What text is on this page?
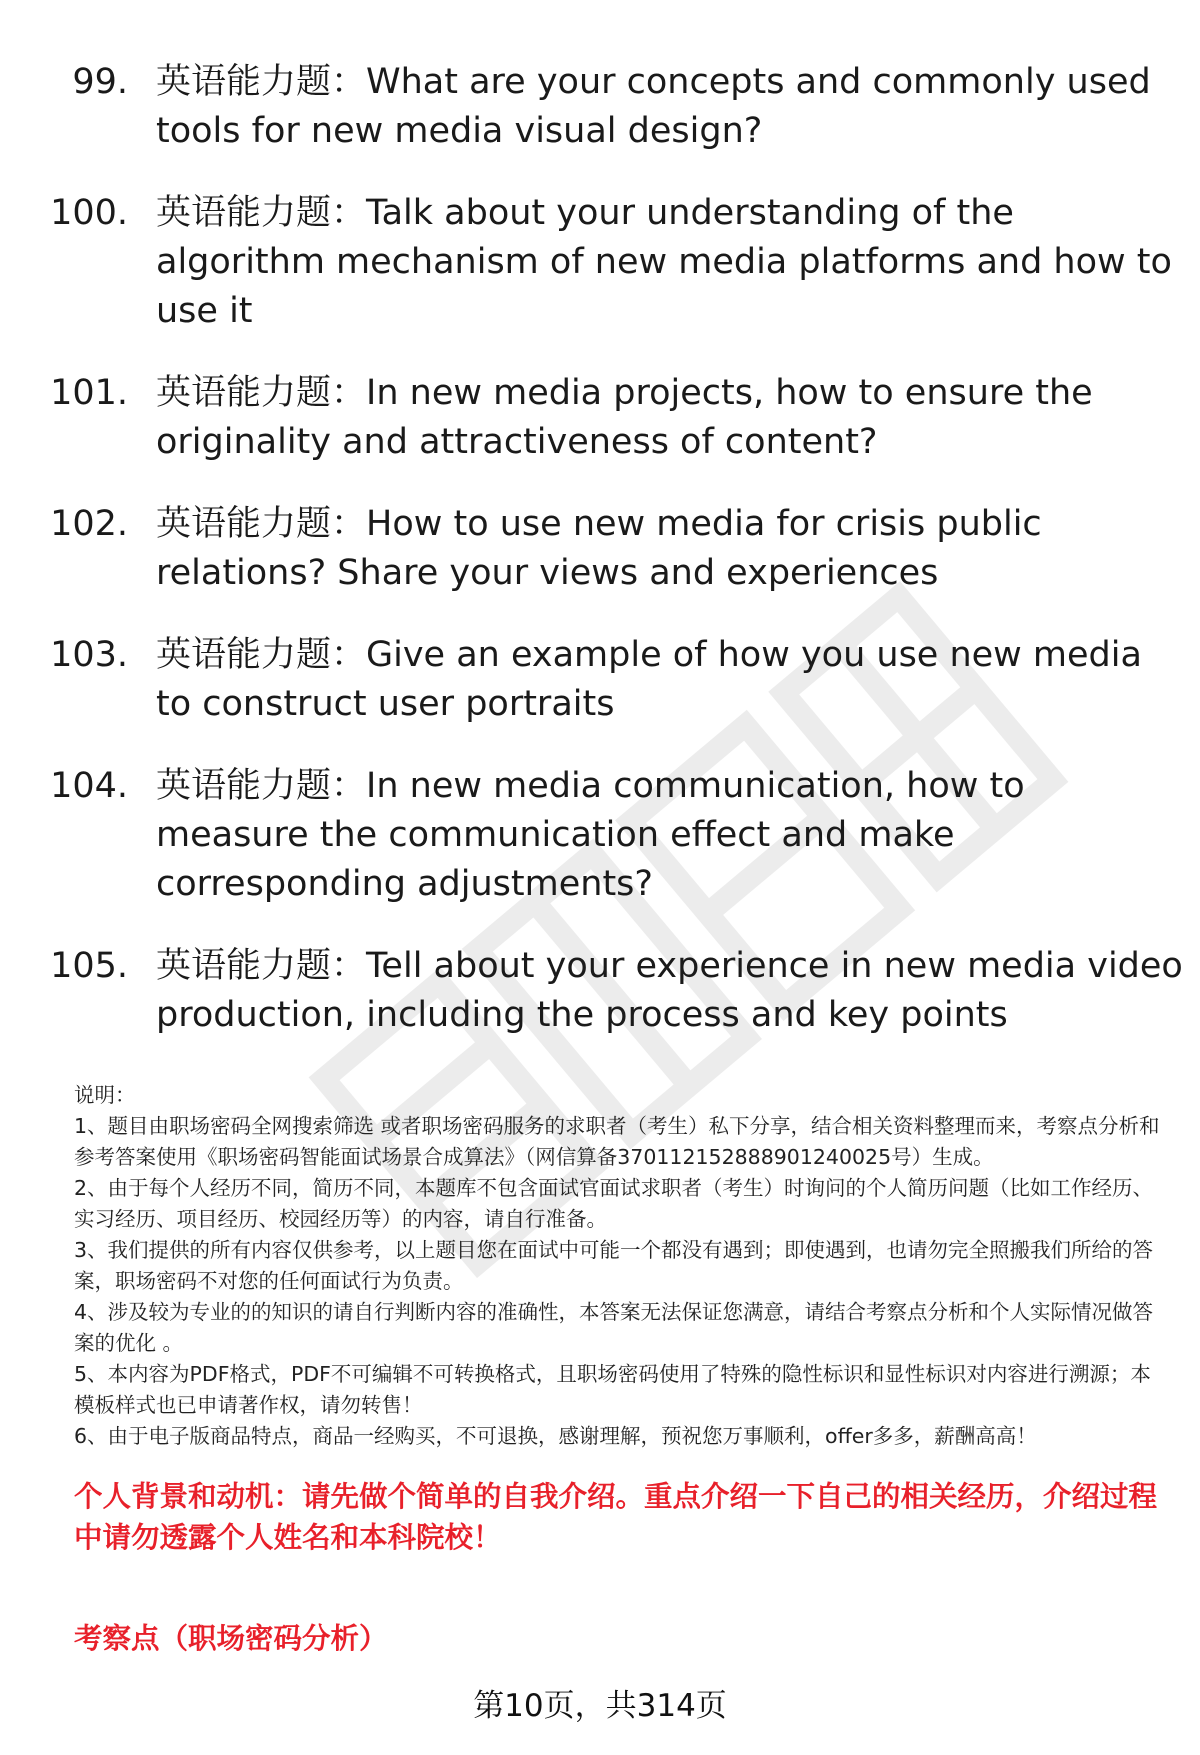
99. 英语能力题：What are your concepts and commonly used tools for new media visual design?
100. 英语能力题：Talk about your understanding of the algorithm mechanism of new media platforms and how to use it
101. 英语能力题：In new media projects, how to ensure the originality and attractiveness of content?
102. 英语能力题：How to use new media for crisis public relations? Share your views and experiences
103. 英语能力题：Give an example of how you use new media to construct user portraits
104. 英语能力题：In new media communication, how to measure the communication effect and make corresponding adjustments?
105. 英语能力题：Tell about your experience in new media video production, including the process and key points

说明：

1、题目由职场密码全网搜索筛选 或者职场密码服务的求职者（考生）私下分享，结合相关资料整理而来，考察点分析和参考答案使用《职场密码智能面试场景合成算法》（网信算备370112152888901240025号）生成。

2、由于每个人经历不同，简历不同，本题库不包含面试官面试求职者（考生）时询问的个人简历问题（比如工作经历、实习经历、项目经历、校园经历等）的内容，请自行准备。

3、我们提供的所有内容仅供参考，以上题目您在面试中可能一个都没有遇到；即使遇到，也请勿完全照搬我们所给的答案，职场密码不对您的任何面试行为负责。

4、涉及较为专业的的知识的请自行判断内容的准确性，本答案无法保证您满意，请结合考察点分析和个人实际情况做答案的优化 。

5、本内容为PDF格式，PDF不可编辑不可转换格式，且职场密码使用了特殊的隐性标识和显性标识对内容进行溯源；本模板样式也已申请著作权，请勿转售！

6、由于电子版商品特点，商品一经购买，不可退换，感谢理解，预祝您万事顺利，offer多多，薪酬高高！

个人背景和动机：请先做个简单的自我介绍。重点介绍一下自己的相关经历，介绍过程中请勿透露个人姓名和本科院校！
考察点（职场密码分析）
第10页，共314页
